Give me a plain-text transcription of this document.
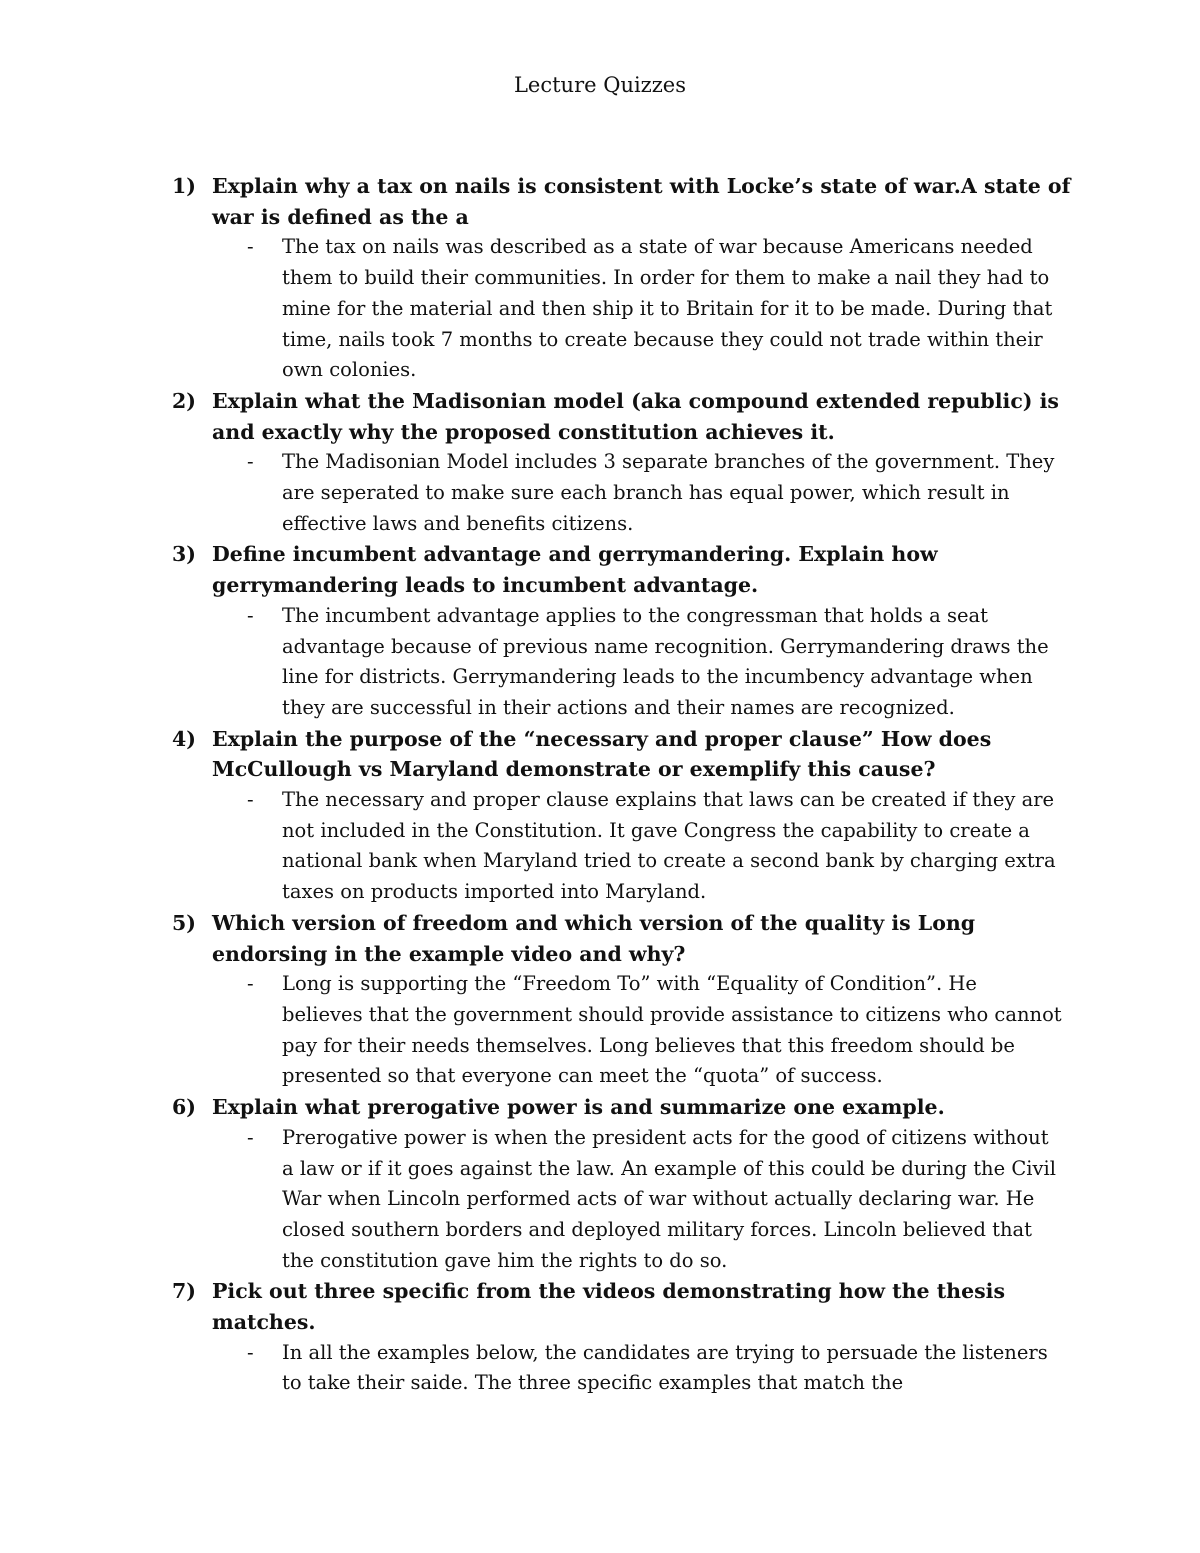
Lecture Quizzes
1) Explain why a tax on nails is consistent with Locke’s state of war.A state of war is defined as the a

- The tax on nails was described as a state of war because Americans needed them to build their communities. In order for them to make a nail they had to mine for the material and then ship it to Britain for it to be made. During that time, nails took 7 months to create because they could not trade within their own colonies.
2) Explain what the Madisonian model (aka compound extended republic) is and exactly why the proposed constitution achieves it.

- The Madisonian Model includes 3 separate branches of the government. They are seperated to make sure each branch has equal power, which result in effective laws and benefits citizens.
3) Define incumbent advantage and gerrymandering. Explain how gerrymandering leads to incumbent advantage.

- The incumbent advantage applies to the congressman that holds a seat advantage because of previous name recognition. Gerrymandering draws the line for districts. Gerrymandering leads to the incumbency advantage when they are successful in their actions and their names are recognized.
4) Explain the purpose of the “necessary and proper clause” How does McCullough vs Maryland demonstrate or exemplify this cause?

- The necessary and proper clause explains that laws can be created if they are not included in the Constitution. It gave Congress the capability to create a national bank when Maryland tried to create a second bank by charging extra taxes on products imported into Maryland.
5) Which version of freedom and which version of the quality is Long endorsing in the example video and why?

- Long is supporting the “Freedom To” with “Equality of Condition”. He believes that the government should provide assistance to citizens who cannot pay for their needs themselves. Long believes that this freedom should be presented so that everyone can meet the “quota” of success.
6) Explain what prerogative power is and summarize one example.

- Prerogative power is when the president acts for the good of citizens without a law or if it goes against the law. An example of this could be during the Civil War when Lincoln performed acts of war without actually declaring war. He closed southern borders and deployed military forces. Lincoln believed that the constitution gave him the rights to do so.
7) Pick out three specific from the videos demonstrating how the thesis matches.

- In all the examples below, the candidates are trying to persuade the listeners to take their saide. The three specific examples that match the
